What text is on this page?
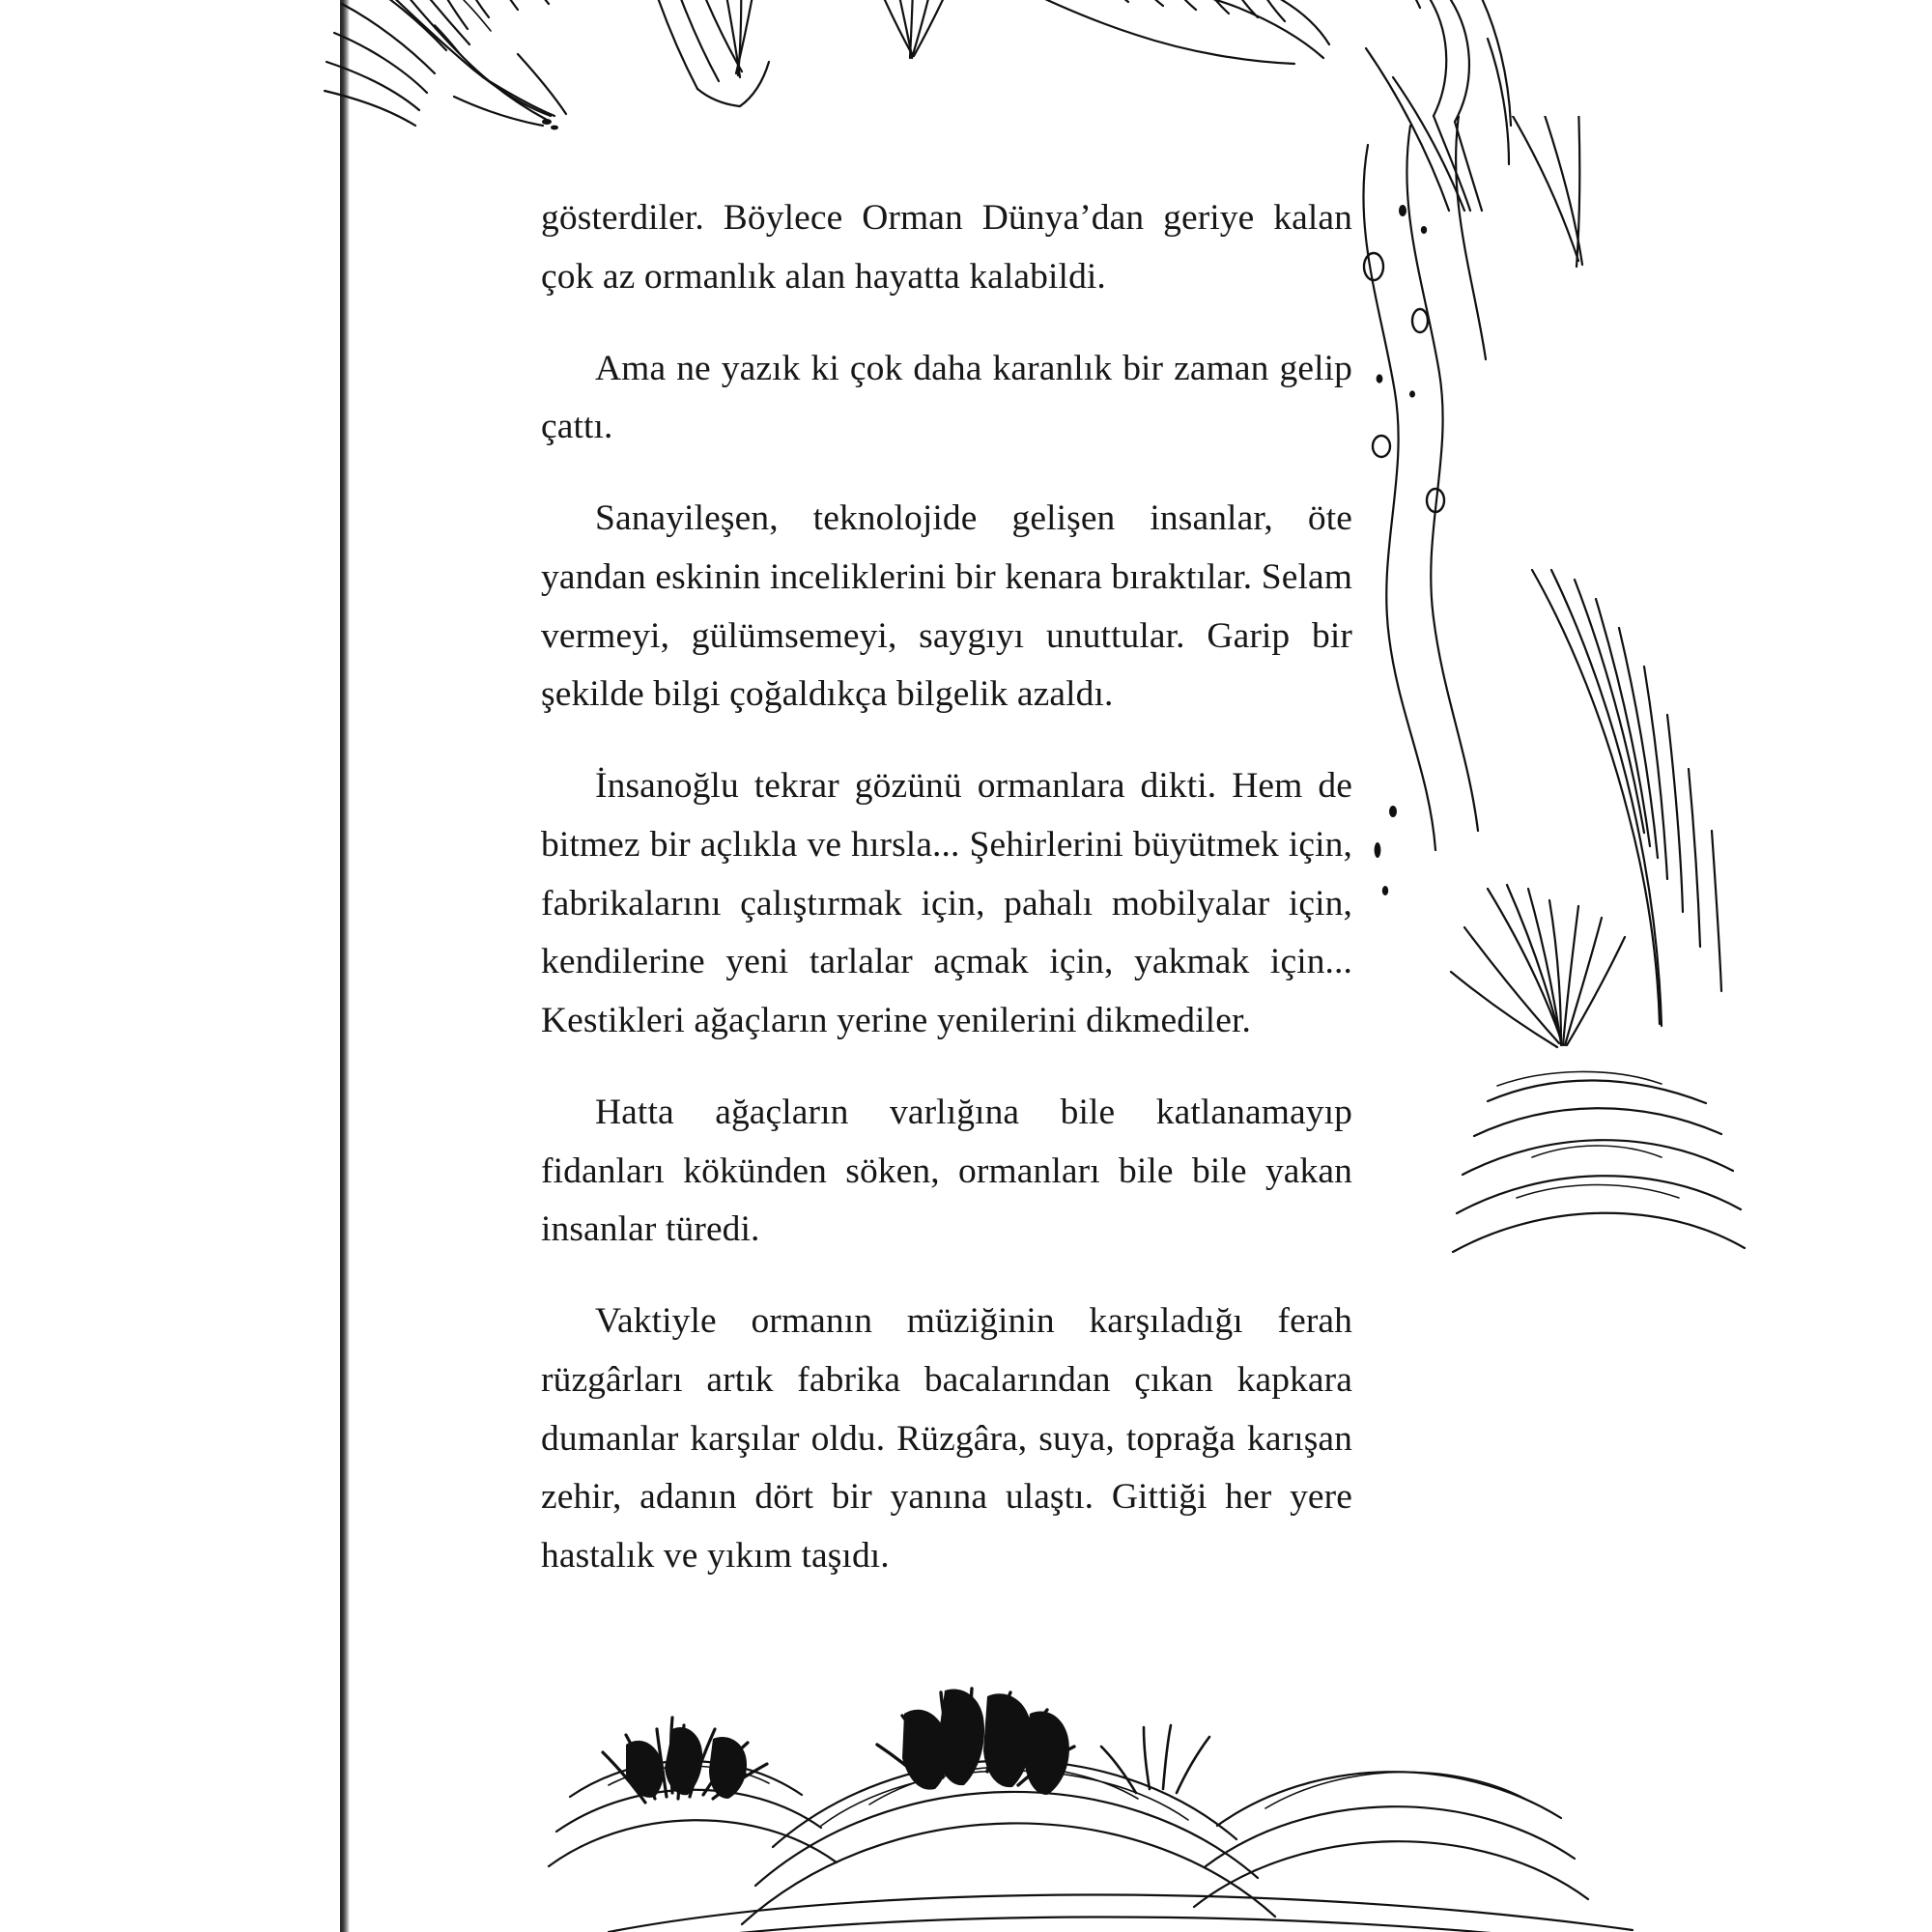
gösterdiler. Böylece Orman Dünya’dan geriye kalan çok az ormanlık alan hayatta kalabildi.

Ama ne yazık ki çok daha karanlık bir zaman gelip çattı.

Sanayileşen, teknolojide gelişen insanlar, öte yandan eskinin inceliklerini bir kenara bıraktılar. Selam vermeyi, gülümsemeyi, saygıyı unuttular. Garip bir şekilde bilgi çoğaldıkça bilgelik azaldı.

İnsanoğlu tekrar gözünü ormanlara dikti. Hem de bitmez bir açlıkla ve hırsla... Şehirlerini büyütmek için, fabrikalarını çalıştırmak için, pahalı mobilyalar için, kendilerine yeni tarlalar açmak için, yakmak için... Kestikleri ağaçların yerine yenilerini dikmediler.

Hatta ağaçların varlığına bile katlanamayıp fidanları kökünden söken, ormanları bile bile yakan insanlar türedi.

Vaktiyle ormanın müziğinin karşıladığı ferah rüzgârları artık fabrika bacalarından çıkan kapkara dumanlar karşılar oldu. Rüzgâra, suya, toprağa karışan zehir, adanın dört bir yanına ulaştı. Gittiği her yere hastalık ve yıkım taşıdı.
